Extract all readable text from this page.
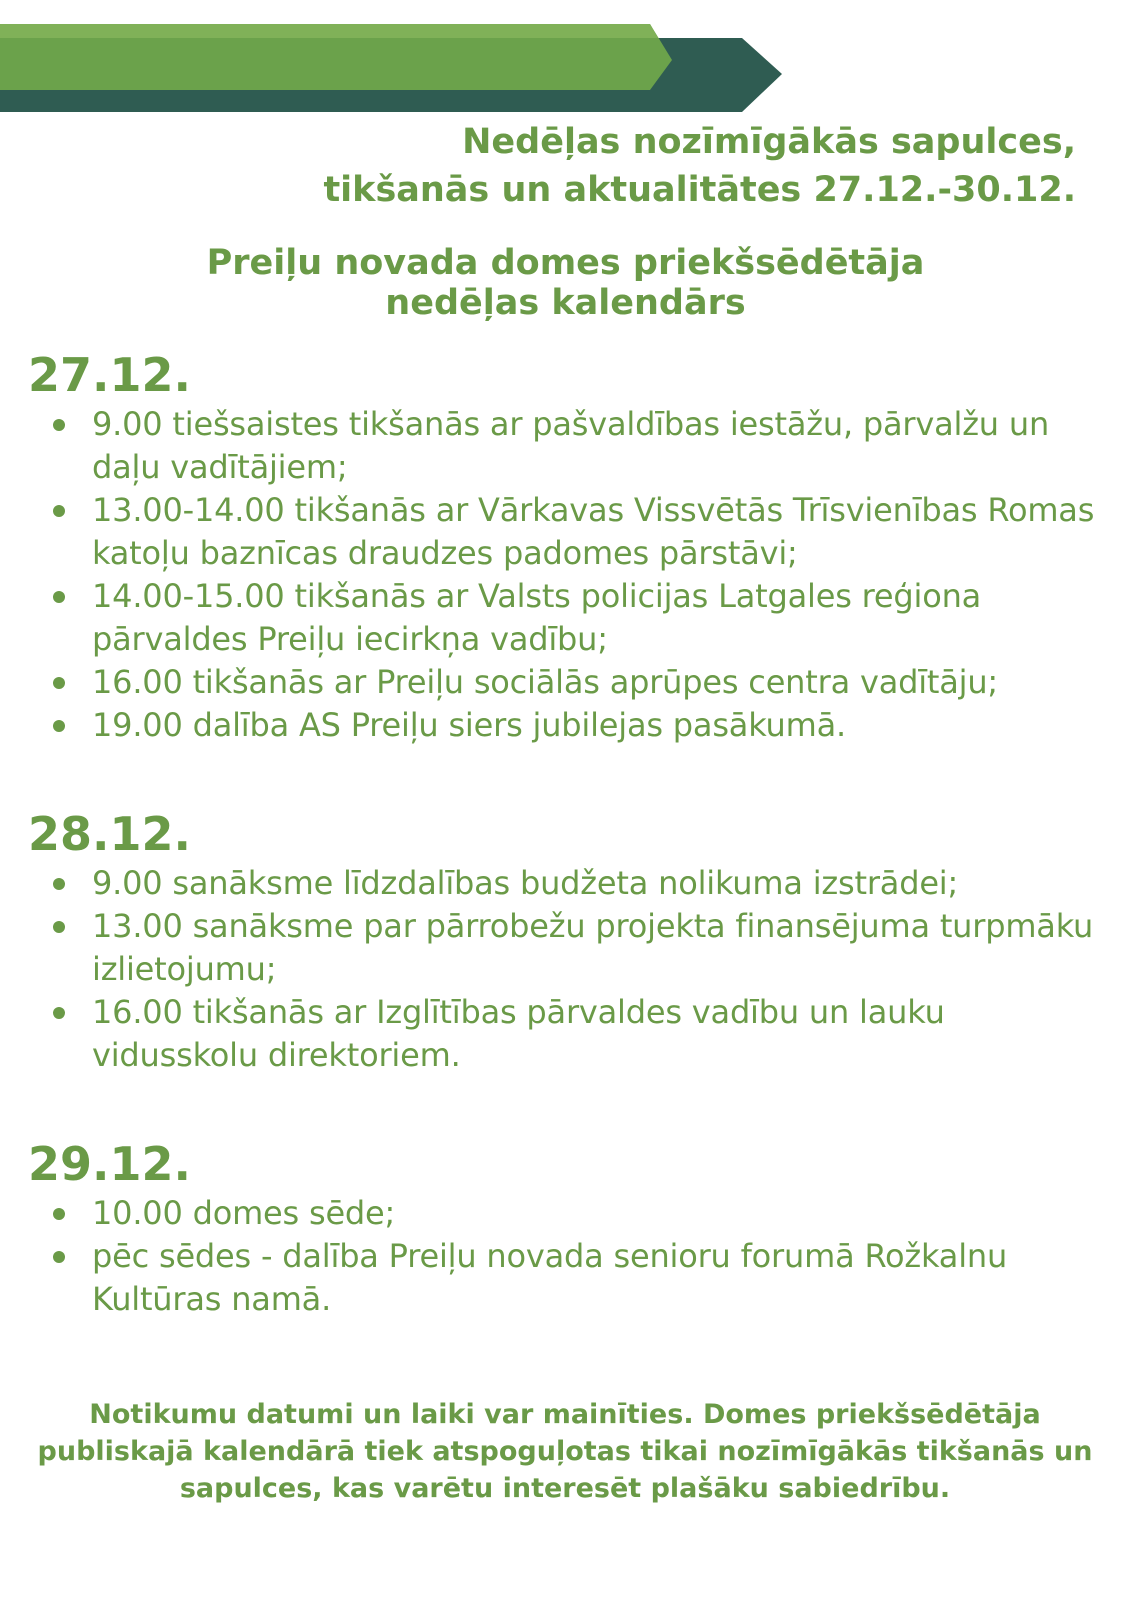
Nedēļas nozīmīgākās sapulces,
tikšanās un aktualitātes 27.12.-30.12.
Preiļu novada domes priekšsēdētāja
nedēļas kalendārs
27.12.
9.00 tiešsaistes tikšanās ar pašvaldības iestāžu, pārvalžu un daļu vadītājiem;
13.00-14.00 tikšanās ar Vārkavas Vissvētās Trīsvienības Romas katoļu baznīcas draudzes padomes pārstāvi;
14.00-15.00 tikšanās ar Valsts policijas Latgales reģiona pārvaldes Preiļu iecirkņa vadību;
16.00 tikšanās ar Preiļu sociālās aprūpes centra vadītāju;
19.00 dalība AS Preiļu siers jubilejas pasākumā.
28.12.
9.00 sanāksme līdzdalības budžeta nolikuma izstrādei;
13.00 sanāksme par pārrobežu projekta finansējuma turpmāku izlietojumu;
16.00 tikšanās ar Izglītības pārvaldes vadību un lauku vidusskolu direktoriem.
29.12.
10.00 domes sēde;
pēc sēdes - dalība Preiļu novada senioru forumā Rožkalnu Kultūras namā.
Notikumu datumi un laiki var mainīties. Domes priekšsēdētāja publiskajā kalendārā tiek atspoguļotas tikai nozīmīgākās tikšanās un sapulces, kas varētu interesēt plašāku sabiedrību.
